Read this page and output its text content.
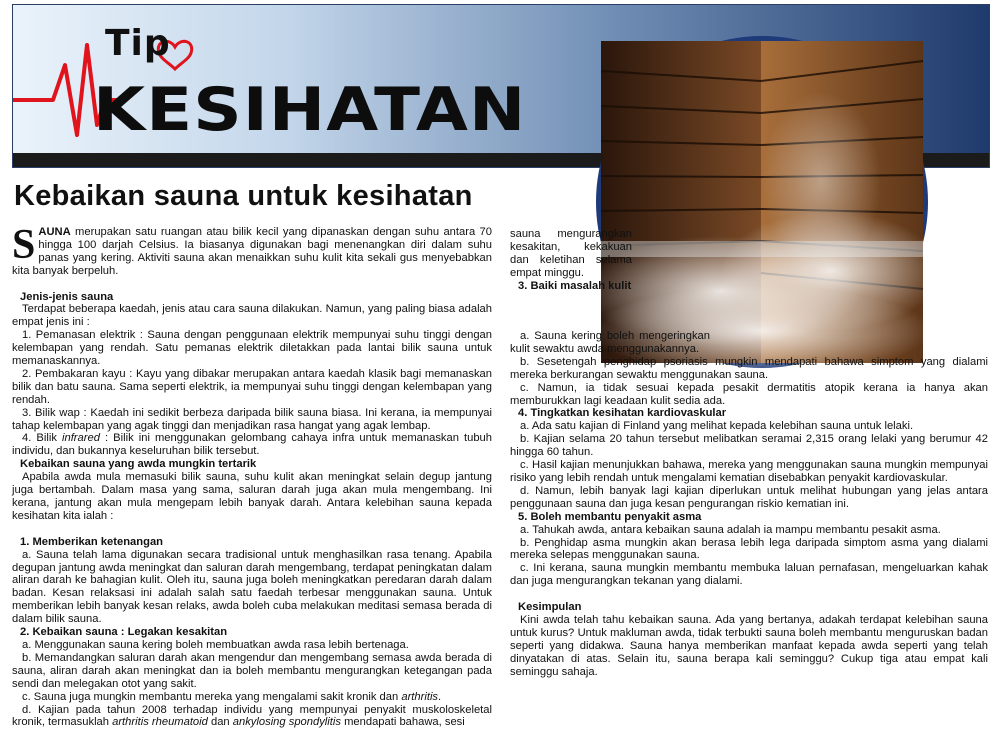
Tip
KESIHATAN
Kebaikan sauna untuk kesihatan

SAUNA merupakan satu ruangan atau bilik kecil yang dipanaskan dengan suhu antara 70 hingga 100 darjah Celsius. Ia biasanya digunakan bagi menenangkan diri dalam suhu panas yang kering. Aktiviti sauna akan menaikkan suhu kulit kita sekali gus menyebabkan kita banyak berpeluh.

Jenis-jenis sauna

Terdapat beberapa kaedah, jenis atau cara sauna dilakukan. Namun, yang paling biasa adalah empat jenis ini :

1. Pemanasan elektrik : Sauna dengan penggunaan elektrik mempunyai suhu tinggi dengan kelembapan yang rendah. Satu pemanas elektrik diletakkan pada lantai bilik sauna untuk memanaskannya.

2. Pembakaran kayu : Kayu yang dibakar merupakan antara kaedah klasik bagi memanaskan bilik dan batu sauna. Sama seperti elektrik, ia mempunyai suhu tinggi dengan kelembapan yang rendah.

3. Bilik wap : Kaedah ini sedikit berbeza daripada bilik sauna biasa. Ini kerana, ia mempunyai tahap kelembapan yang agak tinggi dan menjadikan rasa hangat yang agak lembap.

4. Bilik infrared : Bilik ini menggunakan gelombang cahaya infra untuk memanaskan tubuh individu, dan bukannya keseluruhan bilik tersebut.

Kebaikan sauna yang awda mungkin tertarik

Apabila awda mula memasuki bilik sauna, suhu kulit akan meningkat selain degup jantung juga bertambah. Dalam masa yang sama, saluran darah juga akan mula mengembang. Ini kerana, jantung akan mula mengepam lebih banyak darah. Antara kelebihan sauna kepada kesihatan kita ialah :

1. Memberikan ketenangan

a. Sauna telah lama digunakan secara tradisional untuk menghasilkan rasa tenang. Apabila degupan jantung awda meningkat dan saluran darah mengembang, terdapat peningkatan dalam aliran darah ke bahagian kulit. Oleh itu, sauna juga boleh meningkatkan peredaran darah dalam badan. Kesan relaksasi ini adalah salah satu faedah terbesar menggunakan sauna. Untuk memberikan lebih banyak kesan relaks, awda boleh cuba melakukan meditasi semasa berada di dalam bilik sauna.

2. Kebaikan sauna : Legakan kesakitan

a. Menggunakan sauna kering boleh membuatkan awda rasa lebih bertenaga.

b. Memandangkan saluran darah akan mengendur dan mengembang semasa awda berada di sauna, aliran darah akan meningkat dan ia boleh membantu mengurangkan ketegangan pada sendi dan melegakan otot yang sakit.

c. Sauna juga mungkin membantu mereka yang mengalami sakit kronik dan arthritis.

d. Kajian pada tahun 2008 terhadap individu yang mempunyai penyakit muskoloskeletal kronik, termasuklah arthritis rheumatoid dan ankylosing spondylitis mendapati bahawa, sesi

sauna mengurangkan kesakitan, kekakuan dan keletihan selama empat minggu.

3. Baiki masalah kulit

a. Sauna kering boleh mengeringkan kulit sewaktu awda menggunakannya.

b. Sesetengah penghidap psoriasis mungkin mendapati bahawa simptom yang dialami mereka berkurangan sewaktu menggunakan sauna.

c. Namun, ia tidak sesuai kepada pesakit dermatitis atopik kerana ia hanya akan memburukkan lagi keadaan kulit sedia ada.

4. Tingkatkan kesihatan kardiovaskular

a. Ada satu kajian di Finland yang melihat kepada kelebihan sauna untuk lelaki.

b. Kajian selama 20 tahun tersebut melibatkan seramai 2,315 orang lelaki yang berumur 42 hingga 60 tahun.

c. Hasil kajian menunjukkan bahawa, mereka yang menggunakan sauna mungkin mempunyai risiko yang lebih rendah untuk mengalami kematian disebabkan penyakit kardiovaskular.

d. Namun, lebih banyak lagi kajian diperlukan untuk melihat hubungan yang jelas antara penggunaan sauna dan juga kesan pengurangan riskio kematian ini.

5. Boleh membantu penyakit asma

a. Tahukah awda, antara kebaikan sauna adalah ia mampu membantu pesakit asma.

b. Penghidap asma mungkin akan berasa lebih lega daripada simptom asma yang dialami mereka selepas menggunakan sauna.

c. Ini kerana, sauna mungkin membantu membuka laluan pernafasan, mengeluarkan kahak dan juga mengurangkan tekanan yang dialami.

Kesimpulan

Kini awda telah tahu kebaikan sauna. Ada yang bertanya, adakah terdapat kelebihan sauna untuk kurus? Untuk makluman awda, tidak terbukti sauna boleh membantu menguruskan badan seperti yang didakwa. Sauna hanya memberikan manfaat kepada awda seperti yang telah dinyatakan di atas. Selain itu, sauna berapa kali seminggu? Cukup tiga atau empat kali seminggu sahaja.
